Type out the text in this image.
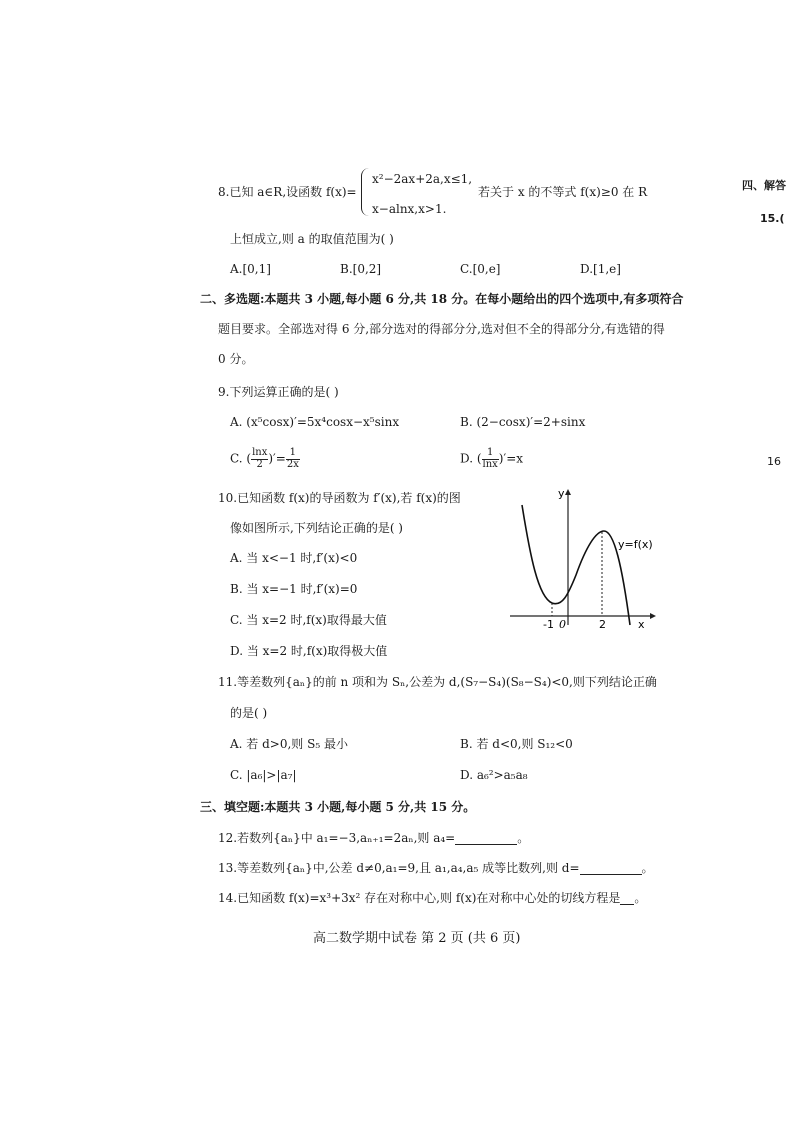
8.已知 a∈R,设函数 f(x)=
x²−2ax+2a,x≤1,
x−alnx,x>1.
若关于 x 的不等式 f(x)≥0 在 R
上恒成立,则 a 的取值范围为( )
A.[0,1]	B.[0,2]	C.[0,e]	D.[1,e]
二、多选题:本题共 3 小题,每小题 6 分,共 18 分。在每小题给出的四个选项中,有多项符合
题目要求。全部选对得 6 分,部分选对的得部分分,选对但不全的得部分分,有选错的得
0 分。
9.下列运算正确的是( )
A. (x⁵cosx)′=5x⁴cosx−x⁵sinx	B. (2−cosx)′=2+sinx
C. ( $\frac{\ln x}{2}$ )′= $\frac{1}{2x}$	D. ( $\frac{1}{\ln x} )'=x$
10.已知函数 f(x)的导函数为 f′(x),若 f(x)的图
像如图所示,下列结论正确的是( )
A. 当 x<−1 时,f′(x)<0
B. 当 x=−1 时,f′(x)=0
C. 当 x=2 时,f(x)取得最大值
D. 当 x=2 时,f(x)取得极大值
y
x
y=f(x)
-1 0	2
11.等差数列{aₙ}的前 n 项和为 Sₙ,公差为 d,(S₇−S₄)(S₈−S₄)<0,则下列结论正确
的是( )
A. 若 d>0,则 S₅ 最小	B. 若 d<0,则 S₁₂<0
C. |a₆|>|a₇|	D. a₆²>a₅a₈
三、填空题:本题共 3 小题,每小题 5 分,共 15 分。
12.若数列{aₙ}中 a₁=−3,aₙ₊₁=2aₙ,则 a₄=	。
13.等差数列{aₙ}中,公差 d≠0,a₁=9,且 a₁,a₄,a₅ 成等比数列,则 d=	。
14.已知函数 f(x)=x³+3x² 存在对称中心,则 f(x)在对称中心处的切线方程是 。
高二数学期中试卷 第 2 页 (共 6 页)
四、解答
15.(
16
